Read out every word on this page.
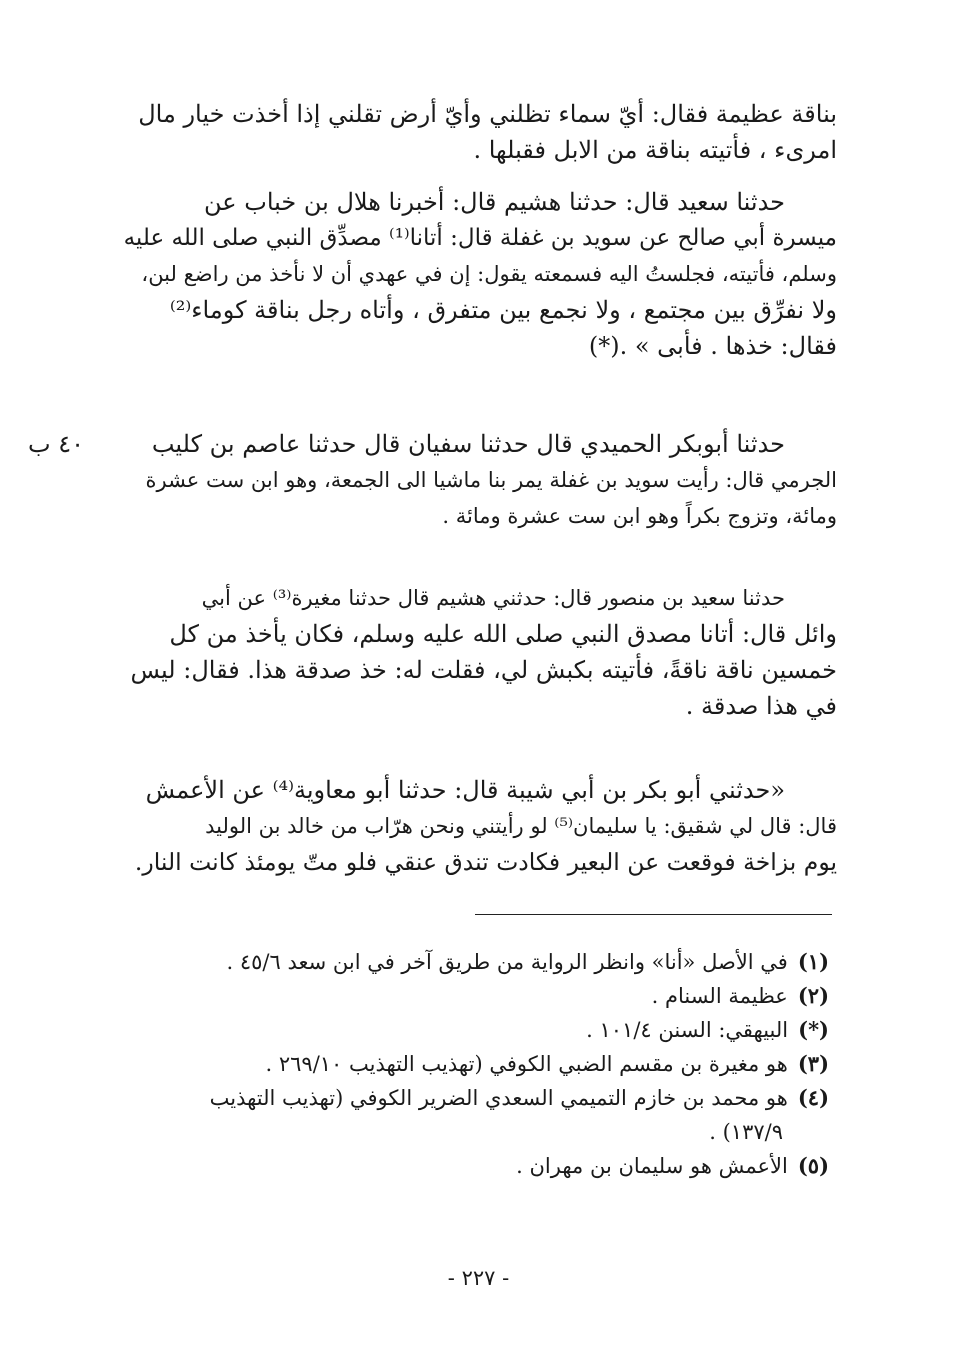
بناقة عظيمة فقال: أيّ سماء تظلني وأيّ أرض تقلني إذا أخذت خيار مال
امرىء ، فأتيته بناقة من الابل فقبلها .
حدثنا سعيد قال: حدثنا هشيم قال: أخبرنا هلال بن خباب عن
ميسرة أبي صالح عن سويد بن غفلة قال: أتانا⁽¹⁾ مصدِّق النبي صلى الله عليه
وسلم، فأتيته، فجلستُ اليه فسمعته يقول: إن في عهدي أن لا نأخذ من راضع لبن،
ولا نفرِّق بين مجتمع ، ولا نجمع بين متفرق ، وأتاه رجل بناقة كوماء⁽²⁾
فقال: خذها . فأبى » .(*)
٤٠ ب	حدثنا أبوبكر الحميدي قال حدثنا سفيان قال حدثنا عاصم بن كليب
الجرمي قال: رأيت سويد بن غفلة يمر بنا ماشيا الى الجمعة، وهو ابن ست عشرة
ومائة، وتزوج بكراً وهو ابن ست عشرة ومائة .
حدثنا سعيد بن منصور قال: حدثني هشيم قال حدثنا مغيرة⁽³⁾ عن أبي
وائل قال: أتانا مصدق النبي صلى الله عليه وسلم، فكان يأخذ من كل
خمسين ناقة ناقةً، فأتيته بكبش لي، فقلت له: خذ صدقة هذا. فقال: ليس
في هذا صدقة .
«حدثني أبو بكر بن أبي شيبة قال: حدثنا أبو معاوية⁽⁴⁾ عن الأعمش
قال: قال لي شقيق: يا سليمان⁽⁵⁾ لو رأيتني ونحن هرّاب من خالد بن الوليد
يوم بزاخة فوقعت عن البعير فكادت تندق عنقي فلو متّ يومئذ كانت النار.
(١)في الأصل «أنا» وانظر الرواية من طريق آخر في ابن سعد ٤٥/٦ .
(٢)عظيمة السنام .
(*)البيهقي: السنن ١٠١/٤ .
(٣)هو مغيرة بن مقسم الضبي الكوفي (تهذيب التهذيب ٢٦٩/١٠ .
(٤)هو محمد بن خازم التميمي السعدي الضرير الكوفي (تهذيب التهذيب
١٣٧/٩) .
(٥)الأعمش هو سليمان بن مهران .
- ٢٢٧ -
